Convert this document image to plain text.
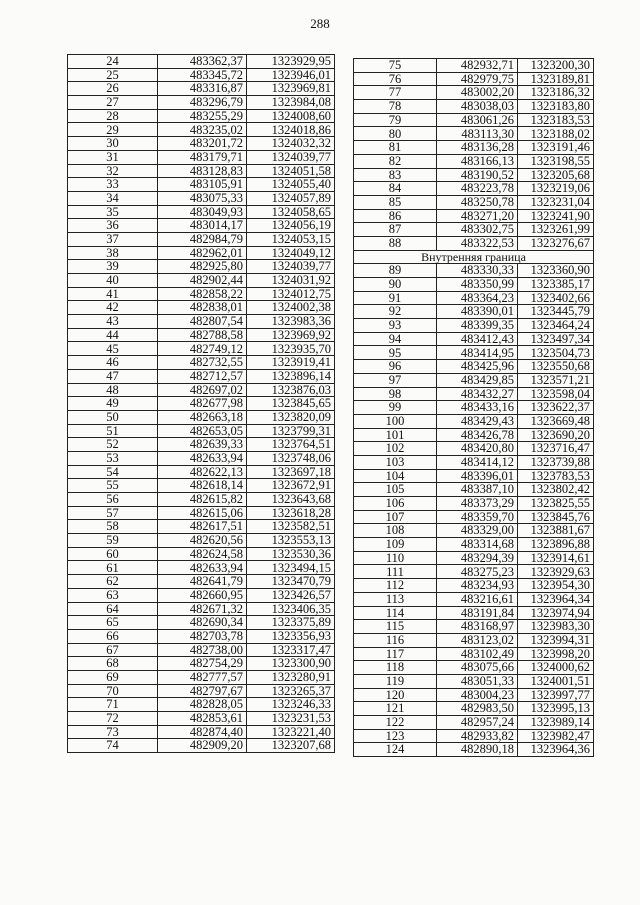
288
24	483362,37	1323929,95
25	483345,72	1323946,01
26	483316,87	1323969,81
27	483296,79	1323984,08
28	483255,29	1324008,60
29	483235,02	1324018,86
30	483201,72	1324032,32
31	483179,71	1324039,77
32	483128,83	1324051,58
33	483105,91	1324055,40
34	483075,33	1324057,89
35	483049,93	1324058,65
36	483014,17	1324056,19
37	482984,79	1324053,15
38	482962,01	1324049,12
39	482925,80	1324039,77
40	482902,44	1324031,92
41	482858,22	1324012,75
42	482838,01	1324002,38
43	482807,54	1323983,36
44	482788,58	1323969,92
45	482749,12	1323935,70
46	482732,55	1323919,41
47	482712,57	1323896,14
48	482697,02	1323876,03
49	482677,98	1323845,65
50	482663,18	1323820,09
51	482653,05	1323799,31
52	482639,33	1323764,51
53	482633,94	1323748,06
54	482622,13	1323697,18
55	482618,14	1323672,91
56	482615,82	1323643,68
57	482615,06	1323618,28
58	482617,51	1323582,51
59	482620,56	1323553,13
60	482624,58	1323530,36
61	482633,94	1323494,15
62	482641,79	1323470,79
63	482660,95	1323426,57
64	482671,32	1323406,35
65	482690,34	1323375,89
66	482703,78	1323356,93
67	482738,00	1323317,47
68	482754,29	1323300,90
69	482777,57	1323280,91
70	482797,67	1323265,37
71	482828,05	1323246,33
72	482853,61	1323231,53
73	482874,40	1323221,40
74	482909,20	1323207,68
75	482932,71	1323200,30
76	482979,75	1323189,81
77	483002,20	1323186,32
78	483038,03	1323183,80
79	483061,26	1323183,53
80	483113,30	1323188,02
81	483136,28	1323191,46
82	483166,13	1323198,55
83	483190,52	1323205,68
84	483223,78	1323219,06
85	483250,78	1323231,04
86	483271,20	1323241,90
87	483302,75	1323261,99
88	483322,53	1323276,67
Внутренняя граница		
89	483330,33	1323360,90
90	483350,99	1323385,17
91	483364,23	1323402,66
92	483390,01	1323445,79
93	483399,35	1323464,24
94	483412,43	1323497,34
95	483414,95	1323504,73
96	483425,96	1323550,68
97	483429,85	1323571,21
98	483432,27	1323598,04
99	483433,16	1323622,37
100	483429,43	1323669,48
101	483426,78	1323690,20
102	483420,80	1323716,47
103	483414,12	1323739,88
104	483396,01	1323783,53
105	483387,10	1323802,42
106	483373,29	1323825,55
107	483359,70	1323845,76
108	483329,00	1323881,67
109	483314,68	1323896,88
110	483294,39	1323914,61
111	483275,23	1323929,63
112	483234,93	1323954,30
113	483216,61	1323964,34
114	483191,84	1323974,94
115	483168,97	1323983,30
116	483123,02	1323994,31
117	483102,49	1323998,20
118	483075,66	1324000,62
119	483051,33	1324001,51
120	483004,23	1323997,77
121	482983,50	1323995,13
122	482957,24	1323989,14
123	482933,82	1323982,47
124	482890,18	1323964,36
